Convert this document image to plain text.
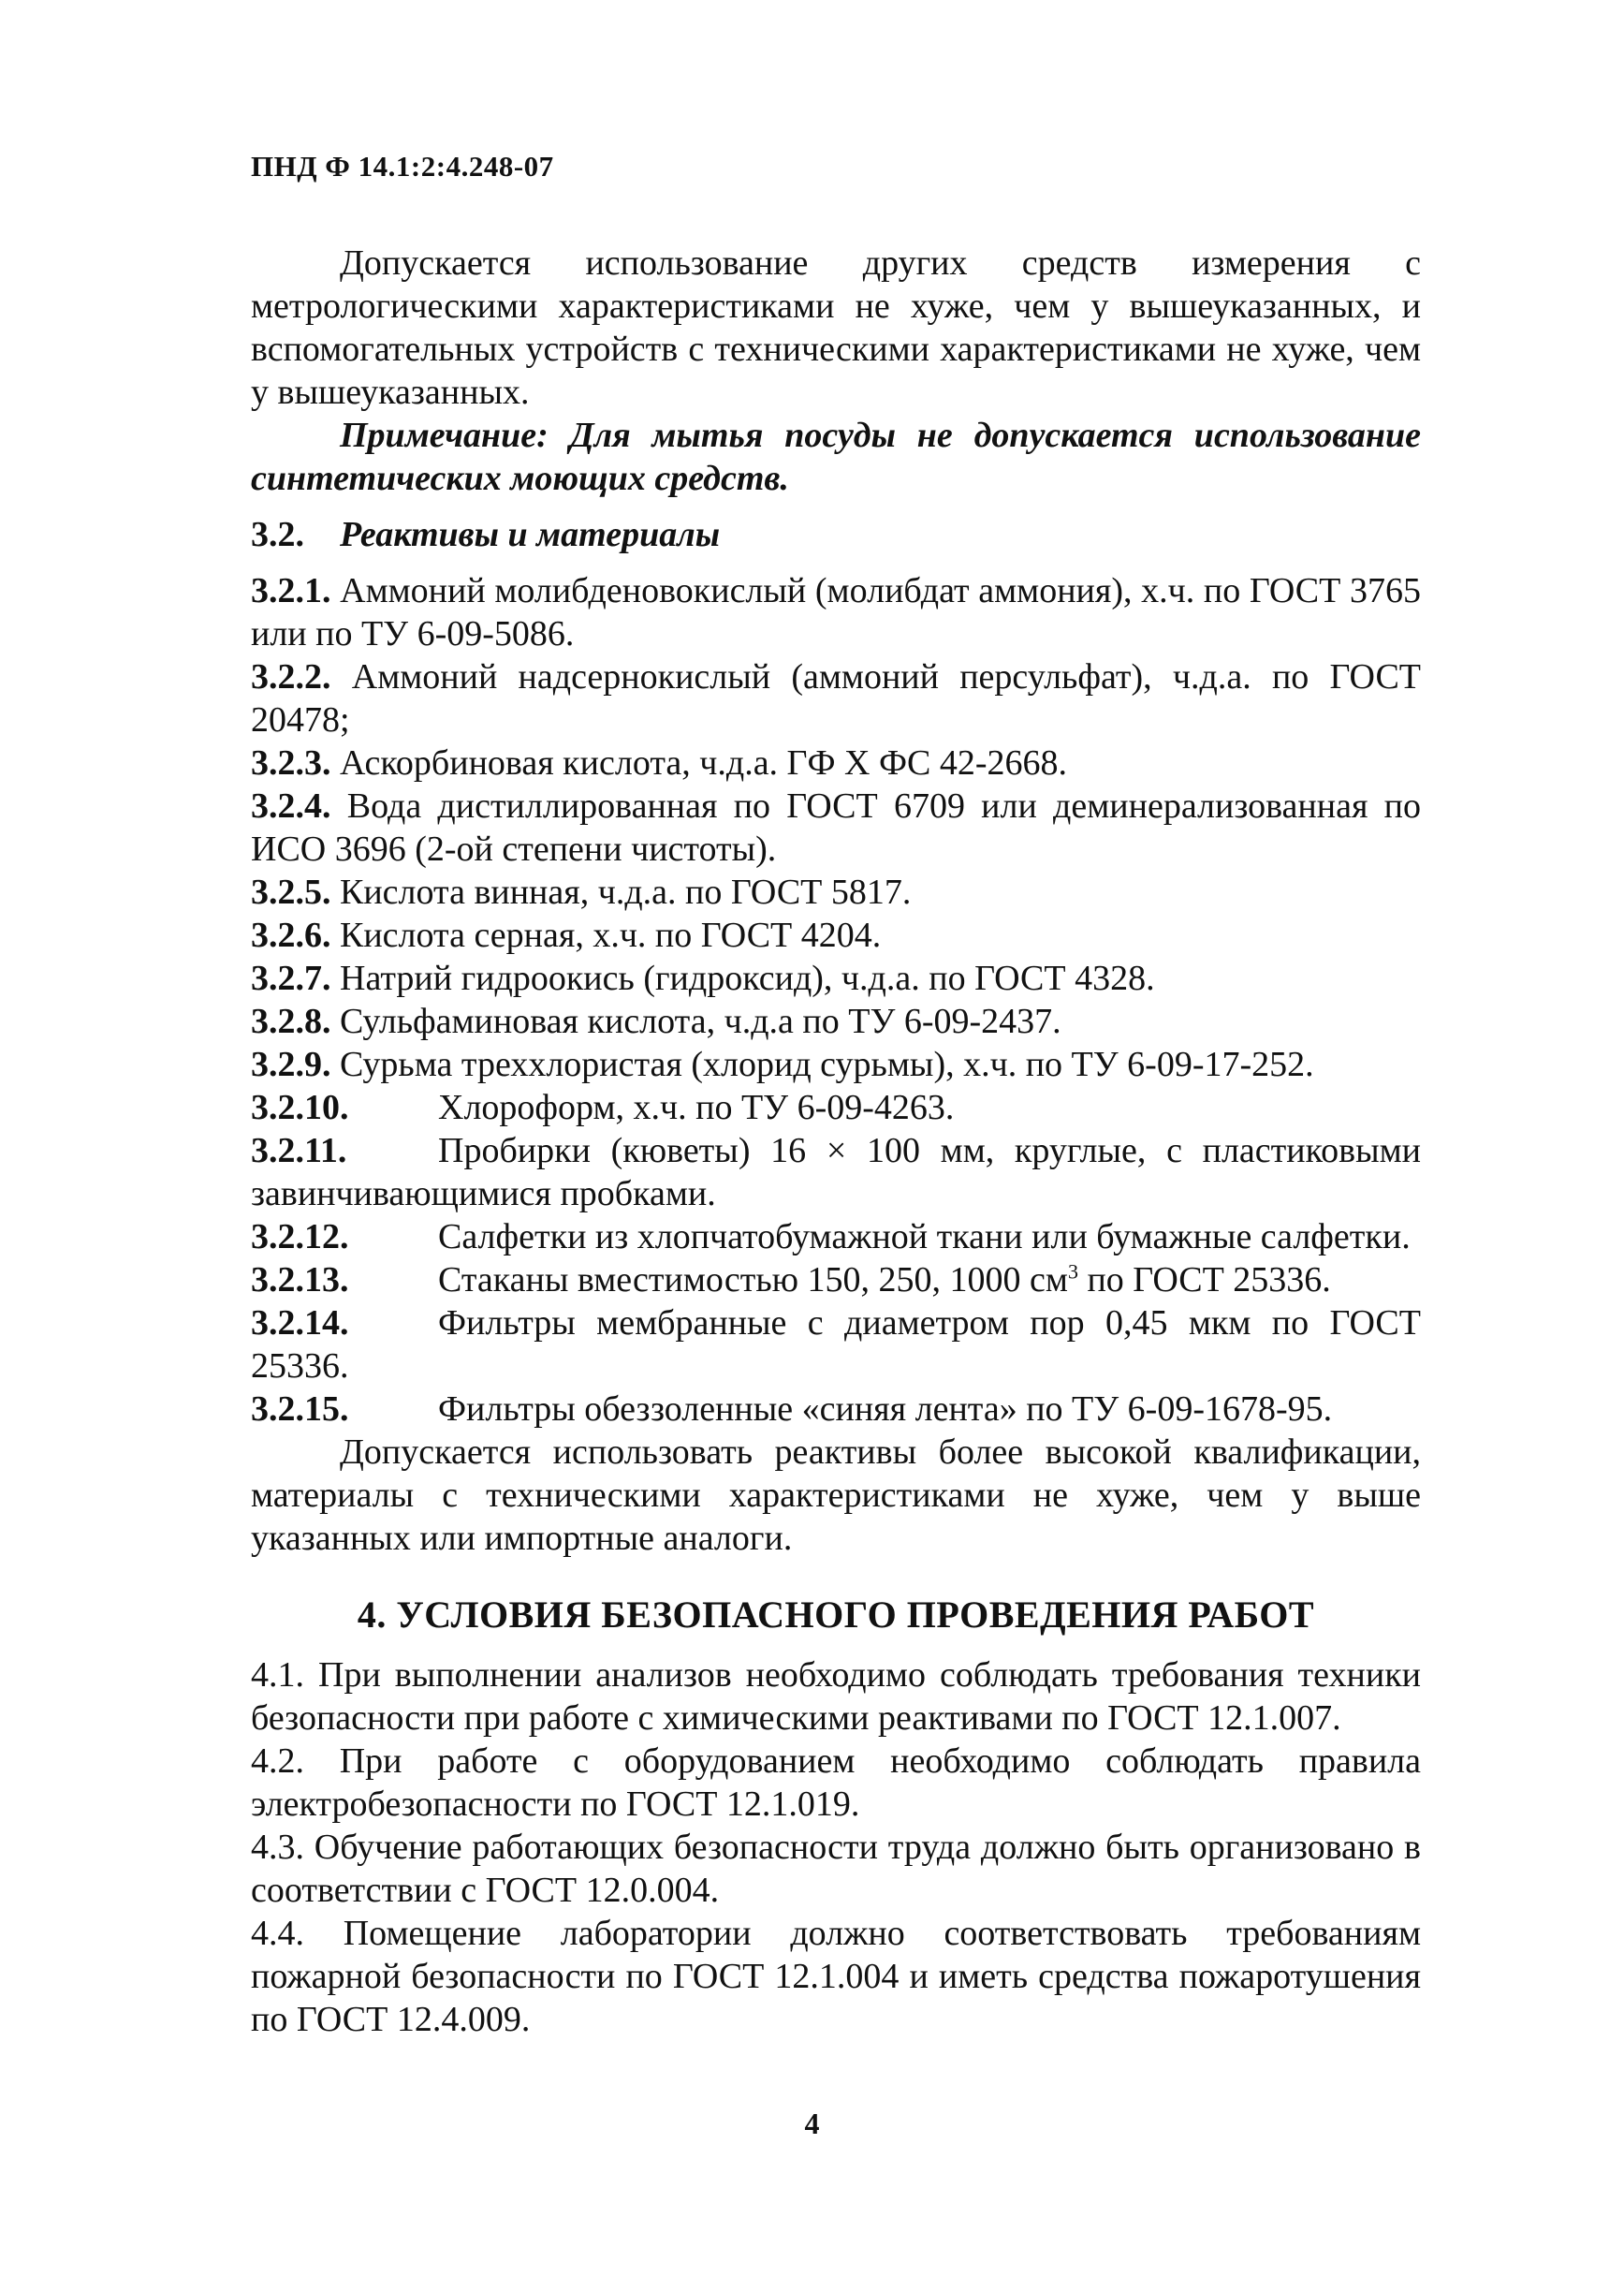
ПНД Ф 14.1:2:4.248-07

Допускается использование других средств измерения с метрологическими характеристиками не хуже, чем у вышеуказанных, и вспомогательных устройств с техническими характеристиками не хуже, чем у вышеуказанных.

Примечание: Для мытья посуды не допускается использование синтетических моющих средств.

3.2. Реактивы и материалы

3.2.1. Аммоний молибденовокислый (молибдат аммония), х.ч. по ГОСТ 3765 или по ТУ 6-09-5086.

3.2.2. Аммоний надсернокислый (аммоний персульфат), ч.д.а. по ГОСТ 20478;

3.2.3. Аскорбиновая кислота, ч.д.а. ГФ X ФС 42-2668.

3.2.4. Вода дистиллированная по ГОСТ 6709 или деминерализованная по ИСО 3696 (2-ой степени чистоты).

3.2.5. Кислота винная, ч.д.а. по ГОСТ 5817.

3.2.6. Кислота серная, х.ч. по ГОСТ 4204.

3.2.7. Натрий гидроокись (гидроксид), ч.д.а. по ГОСТ 4328.

3.2.8. Сульфаминовая кислота, ч.д.а по ТУ 6-09-2437.

3.2.9. Сурьма треххлористая (хлорид сурьмы), х.ч. по ТУ 6-09-17-252.

3.2.10.	Хлороформ, х.ч. по ТУ 6-09-4263.

3.2.11.	Пробирки (кюветы) 16 × 100 мм, круглые, с пластиковыми завинчивающимися пробками.

3.2.12.	Салфетки из хлопчатобумажной ткани или бумажные салфетки.

3.2.13.	Стаканы вместимостью 150, 250, 1000 $см^3$ по ГОСТ 25336.

3.2.14.	Фильтры мембранные с диаметром пор 0,45 мкм по ГОСТ 25336.

3.2.15.	Фильтры обеззоленные «синяя лента» по ТУ 6-09-1678-95.

Допускается использовать реактивы более высокой квалификации, материалы с техническими характеристиками не хуже, чем у выше указанных или импортные аналоги.

4. УСЛОВИЯ БЕЗОПАСНОГО ПРОВЕДЕНИЯ РАБОТ

4.1. При выполнении анализов необходимо соблюдать требования техники безопасности при работе с химическими реактивами по ГОСТ 12.1.007.

4.2. При работе с оборудованием необходимо соблюдать правила электробезопасности по ГОСТ 12.1.019.

4.3. Обучение работающих безопасности труда должно быть организовано в соответствии с ГОСТ 12.0.004.

4.4. Помещение лаборатории должно соответствовать требованиям пожарной безопасности по ГОСТ 12.1.004 и иметь средства пожаротушения по ГОСТ 12.4.009.

4
